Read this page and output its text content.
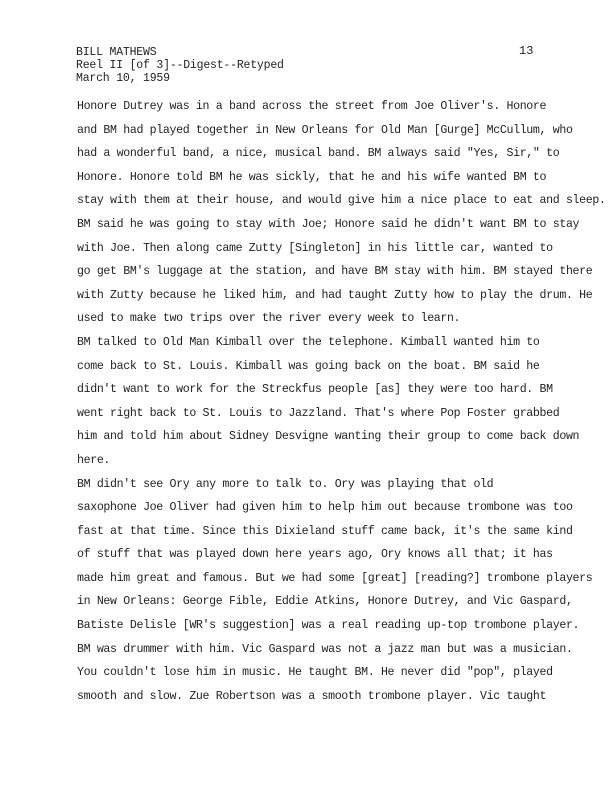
BILL MATHEWS
Reel II [of 3]--Digest--Retyped
March 10, 1959
13
Honore Dutrey was in a band across the street from Joe Oliver's. Honore
and BM had played together in New Orleans for Old Man [Gurge] McCullum, who
had a wonderful band, a nice, musical band. BM always said "Yes, Sir," to
Honore. Honore told BM he was sickly, that he and his wife wanted BM to
stay with them at their house, and would give him a nice place to eat and sleep.
BM said he was going to stay with Joe; Honore said he didn't want BM to stay
with Joe. Then along came Zutty [Singleton] in his little car, wanted to
go get BM's luggage at the station, and have BM stay with him. BM stayed there
with Zutty because he liked him, and had taught Zutty how to play the drum. He
used to make two trips over the river every week to learn.
BM talked to Old Man Kimball over the telephone. Kimball wanted him to
come back to St. Louis. Kimball was going back on the boat. BM said he
didn't want to work for the Streckfus people [as] they were too hard. BM
went right back to St. Louis to Jazzland. That's where Pop Foster grabbed
him and told him about Sidney Desvigne wanting their group to come back down
here.
BM didn't see Ory any more to talk to. Ory was playing that old
saxophone Joe Oliver had given him to help him out because trombone was too
fast at that time. Since this Dixieland stuff came back, it's the same kind
of stuff that was played down here years ago, Ory knows all that; it has
made him great and famous. But we had some [great] [reading?] trombone players
in New Orleans: George Fible, Eddie Atkins, Honore Dutrey, and Vic Gaspard,
Batiste Delisle [WR's suggestion] was a real reading up-top trombone player.
BM was drummer with him. Vic Gaspard was not a jazz man but was a musician.
You couldn't lose him in music. He taught BM. He never did "pop", played
smooth and slow. Zue Robertson was a smooth trombone player. Vic taught
